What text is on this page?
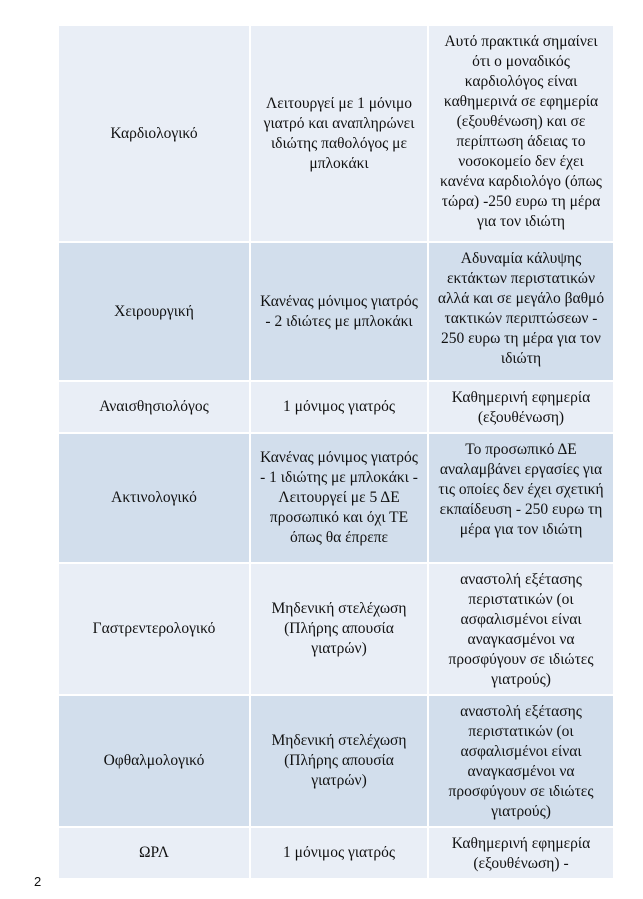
Καρδιολογικό	Λειτουργεί με 1 μόνιμο γιατρό και αναπληρώνει ιδιώτης παθολόγος με μπλοκάκι	Αυτό πρακτικά σημαίνει ότι ο μοναδικός καρδιολόγος είναι καθημερινά σε εφημερία (εξουθένωση) και σε περίπτωση άδειας το νοσοκομείο δεν έχει κανένα καρδιολόγο (όπως τώρα) -250 ευρω τη μέρα για τον ιδιώτη
Χειρουργική	Κανένας μόνιμος γιατρός - 2 ιδιώτες με μπλοκάκι	Αδυναμία κάλυψης εκτάκτων περιστατικών αλλά και σε μεγάλο βαθμό τακτικών περιπτώσεων - 250 ευρω τη μέρα για τον ιδιώτη
Αναισθησιολόγος	1 μόνιμος γιατρός	Καθημερινή εφημερία (εξουθένωση)
Ακτινολογικό	Κανένας μόνιμος γιατρός - 1 ιδιώτης με μπλοκάκι - Λειτουργεί με 5 ΔΕ προσωπικό και όχι ΤΕ όπως θα έπρεπε	Το προσωπικό ΔΕ αναλαμβάνει εργασίες για τις οποίες δεν έχει σχετική εκπαίδευση - 250 ευρω τη μέρα για τον ιδιώτη
Γαστρεντερολογικό	Μηδενική στελέχωση (Πλήρης απουσία γιατρών)	αναστολή εξέτασης περιστατικών (οι ασφαλισμένοι είναι αναγκασμένοι να προσφύγουν σε ιδιώτες γιατρούς)
Οφθαλμολογικό	Μηδενική στελέχωση (Πλήρης απουσία γιατρών)	αναστολή εξέτασης περιστατικών (οι ασφαλισμένοι είναι αναγκασμένοι να προσφύγουν σε ιδιώτες γιατρούς)
ΩΡΛ	1 μόνιμος γιατρός	Καθημερινή εφημερία (εξουθένωση) -
2
